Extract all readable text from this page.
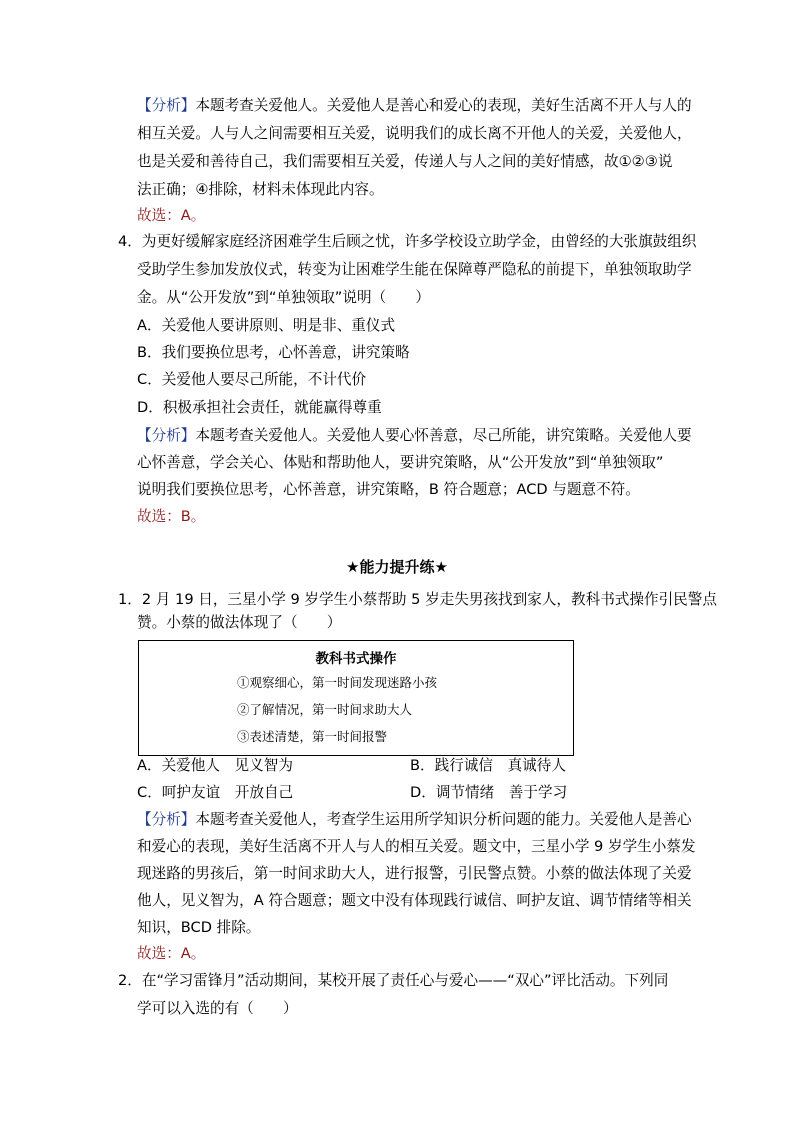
【分析】本题考查关爱他人。关爱他人是善心和爱心的表现，美好生活离不开人与人的
相互关爱。人与人之间需要相互关爱，说明我们的成长离不开他人的关爱，关爱他人，
也是关爱和善待自己，我们需要相互关爱，传递人与人之间的美好情感，故①②③说
法正确；④排除，材料未体现此内容。
故选：A。
4．为更好缓解家庭经济困难学生后顾之忧，许多学校设立助学金，由曾经的大张旗鼓组织
受助学生参加发放仪式，转变为让困难学生能在保障尊严隐私的前提下，单独领取助学
金。从“公开发放”到“单独领取”说明（　　）
A．关爱他人要讲原则、明是非、重仪式
B．我们要换位思考，心怀善意，讲究策略
C．关爱他人要尽己所能，不计代价
D．积极承担社会责任，就能赢得尊重
【分析】本题考查关爱他人。关爱他人要心怀善意，尽己所能，讲究策略。关爱他人要
心怀善意，学会关心、体贴和帮助他人，要讲究策略，从“公开发放”到“单独领取”
说明我们要换位思考，心怀善意，讲究策略，B 符合题意；ACD 与题意不符。
故选：B。
★能力提升练★
1．2 月 19 日，三星小学 9 岁学生小蔡帮助 5 岁走失男孩找到家人，教科书式操作引民警点
赞。小蔡的做法体现了（　　）
教科书式操作
①观察细心，第一时间发现迷路小孩
②了解情况，第一时间求助大人
③表述清楚，第一时间报警
A．关爱他人　见义智为	B．践行诚信　真诚待人
C．呵护友谊　开放自己	D．调节情绪　善于学习
【分析】本题考查关爱他人，考查学生运用所学知识分析问题的能力。关爱他人是善心
和爱心的表现，美好生活离不开人与人的相互关爱。题文中，三星小学 9 岁学生小蔡发
现迷路的男孩后，第一时间求助大人，进行报警，引民警点赞。小蔡的做法体现了关爱
他人，见义智为，A 符合题意；题文中没有体现践行诚信、呵护友谊、调节情绪等相关
知识，BCD 排除。
故选：A。
2．在“学习雷锋月”活动期间，某校开展了责任心与爱心——“双心”评比活动。下列同
学可以入选的有（　　）
